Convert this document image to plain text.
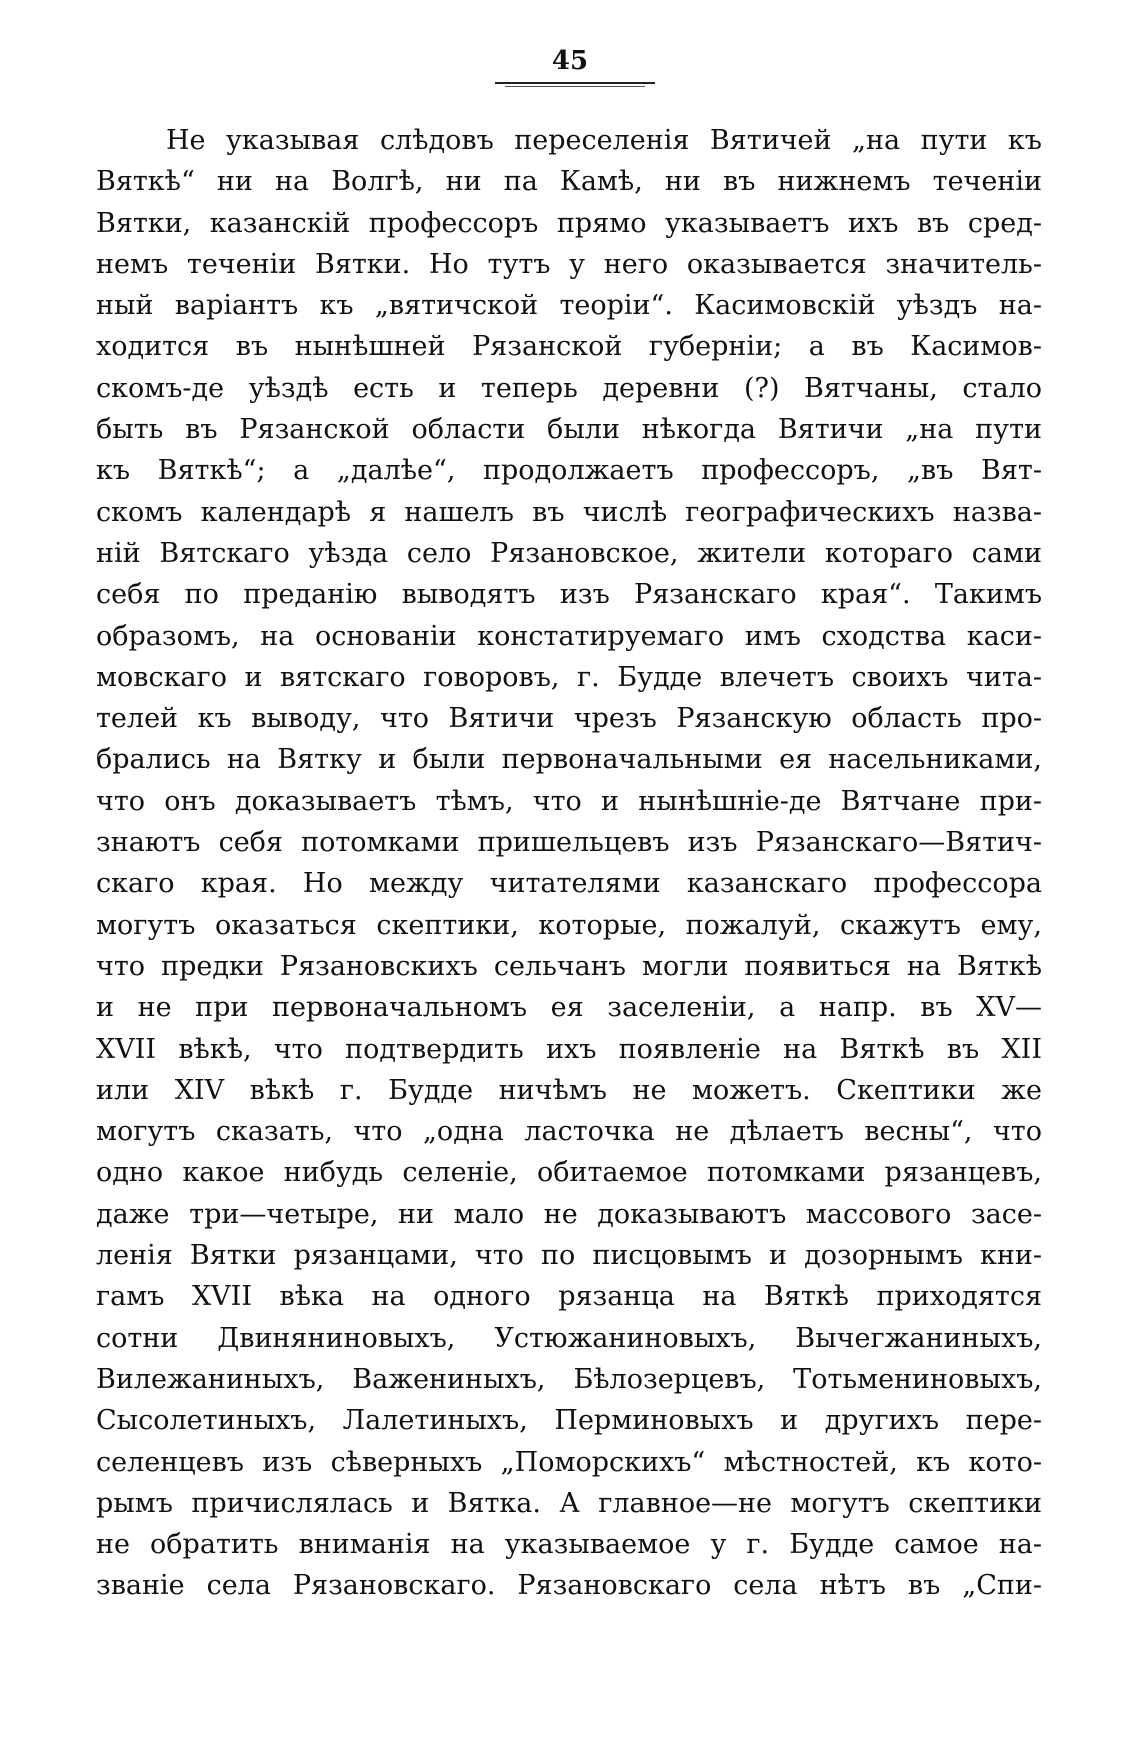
45
Не указывая слѣдовъ переселенія Вятичей „на пути къ
Вяткѣ“ ни на Волгѣ, ни па Камѣ, ни въ нижнемъ теченіи
Вятки, казанскій профессоръ прямо указываетъ ихъ въ сред-
немъ теченіи Вятки. Но тутъ у него оказывается значитель-
ный варіантъ къ „вятичской теоріи“. Касимовскій уѣздъ на-
ходится въ нынѣшней Рязанской губерніи; а въ Касимов-
скомъ-де уѣздѣ есть и теперь деревни (?) Вятчаны, стало
быть въ Рязанской области были нѣкогда Вятичи „на пути
къ Вяткѣ“; а „далѣе“, продолжаетъ профессоръ, „въ Вят-
скомъ календарѣ я нашелъ въ числѣ географическихъ назва-
ній Вятскаго уѣзда село Рязановское, жители котораго сами
себя по преданію выводятъ изъ Рязанскаго края“. Такимъ
образомъ, на основаніи констатируемаго имъ сходства каси-
мовскаго и вятскаго говоровъ, г. Будде влечетъ своихъ чита-
телей къ выводу, что Вятичи чрезъ Рязанскую область про-
брались на Вятку и были первоначальными ея насельниками,
что онъ доказываетъ тѣмъ, что и нынѣшніе-де Вятчане при-
знаютъ себя потомками пришельцевъ изъ Рязанскаго—Вятич-
скаго края. Но между читателями казанскаго профессора
могутъ оказаться скептики, которые, пожалуй, скажутъ ему,
что предки Рязановскихъ сельчанъ могли появиться на Вяткѣ
и не при первоначальномъ ея заселеніи, а напр. въ XV—
XVII вѣкѣ, что подтвердить ихъ появленіе на Вяткѣ въ XII
или XIV вѣкѣ г. Будде ничѣмъ не можетъ. Скептики же
могутъ сказать, что „одна ласточка не дѣлаетъ весны“, что
одно какое нибудь селеніе, обитаемое потомками рязанцевъ,
даже три—четыре, ни мало не доказываютъ массового засе-
ленія Вятки рязанцами, что по писцовымъ и дозорнымъ кни-
гамъ XVII вѣка на одного рязанца на Вяткѣ приходятся
сотни Двиняниновыхъ, Устюжаниновыхъ, Вычегжаниныхъ,
Вилежаниныхъ, Важениныхъ, Бѣлозерцевъ, Тотьмениновыхъ,
Сысолетиныхъ, Лалетиныхъ, Перминовыхъ и другихъ пере-
селенцевъ изъ сѣверныхъ „Поморскихъ“ мѣстностей, къ кото-
рымъ причислялась и Вятка. А главное—не могутъ скептики
не обратить вниманія на указываемое у г. Будде самое на-
званіе села Рязановскаго. Рязановскаго села нѣтъ въ „Спи-
